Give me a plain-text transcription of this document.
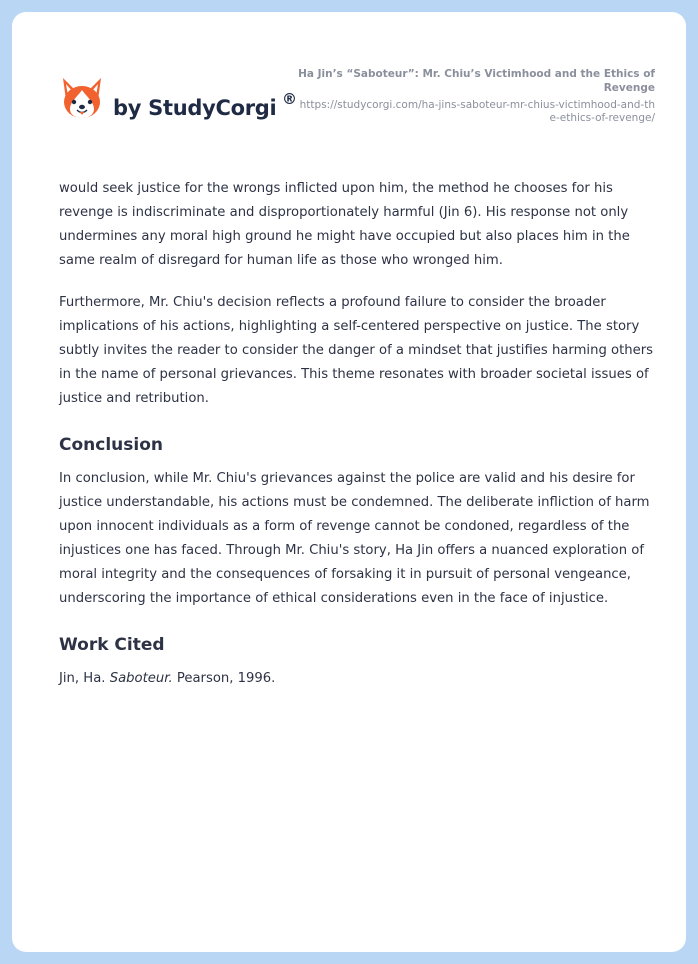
by StudyCorgi ®
Ha Jin’s “Saboteur”: Mr. Chiu’s Victimhood and the Ethics of Revenge
https://studycorgi.com/ha-jins-saboteur-mr-chius-victimhood-and-the-ethics-of-revenge/

would seek justice for the wrongs inflicted upon him, the method he chooses for his revenge is indiscriminate and disproportionately harmful (Jin 6). His response not only undermines any moral high ground he might have occupied but also places him in the same realm of disregard for human life as those who wronged him.

Furthermore, Mr. Chiu's decision reflects a profound failure to consider the broader implications of his actions, highlighting a self-centered perspective on justice. The story subtly invites the reader to consider the danger of a mindset that justifies harming others in the name of personal grievances. This theme resonates with broader societal issues of justice and retribution.

Conclusion

In conclusion, while Mr. Chiu's grievances against the police are valid and his desire for justice understandable, his actions must be condemned. The deliberate infliction of harm upon innocent individuals as a form of revenge cannot be condoned, regardless of the injustices one has faced. Through Mr. Chiu's story, Ha Jin offers a nuanced exploration of moral integrity and the consequences of forsaking it in pursuit of personal vengeance, underscoring the importance of ethical considerations even in the face of injustice.

Work Cited

Jin, Ha. Saboteur. Pearson, 1996.
